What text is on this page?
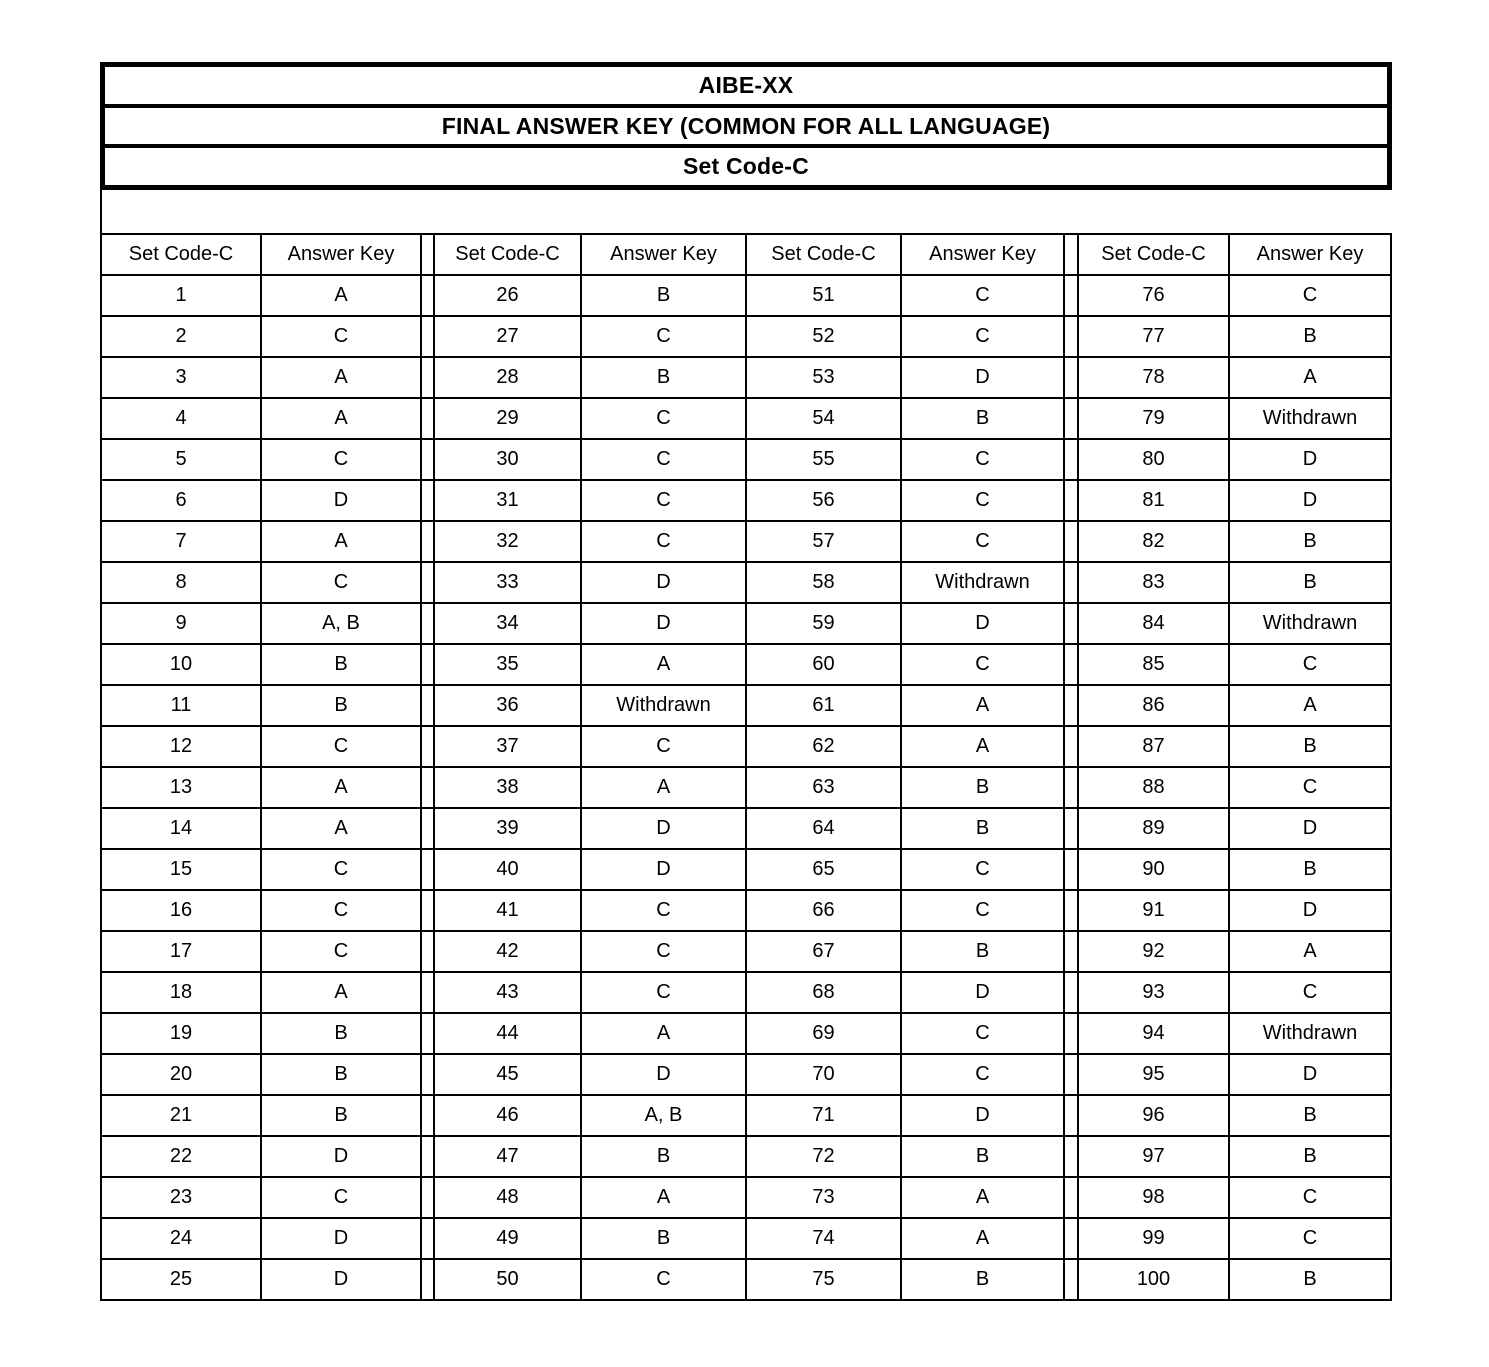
AIBE-XX
FINAL ANSWER KEY (COMMON FOR ALL LANGUAGE)
Set Code-C
Set Code-C	Answer Key		Set Code-C	Answer Key	Set Code-C	Answer Key		Set Code-C	Answer Key
1	A		26	B	51	C		76	C
2	C		27	C	52	C		77	B
3	A		28	B	53	D		78	A
4	A		29	C	54	B		79	Withdrawn
5	C		30	C	55	C		80	D
6	D		31	C	56	C		81	D
7	A		32	C	57	C		82	B
8	C		33	D	58	Withdrawn		83	B
9	A, B		34	D	59	D		84	Withdrawn
10	B		35	A	60	C		85	C
11	B		36	Withdrawn	61	A		86	A
12	C		37	C	62	A		87	B
13	A		38	A	63	B		88	C
14	A		39	D	64	B		89	D
15	C		40	D	65	C		90	B
16	C		41	C	66	C		91	D
17	C		42	C	67	B		92	A
18	A		43	C	68	D		93	C
19	B		44	A	69	C		94	Withdrawn
20	B		45	D	70	C		95	D
21	B		46	A, B	71	D		96	B
22	D		47	B	72	B		97	B
23	C		48	A	73	A		98	C
24	D		49	B	74	A		99	C
25	D		50	C	75	B		100	B
